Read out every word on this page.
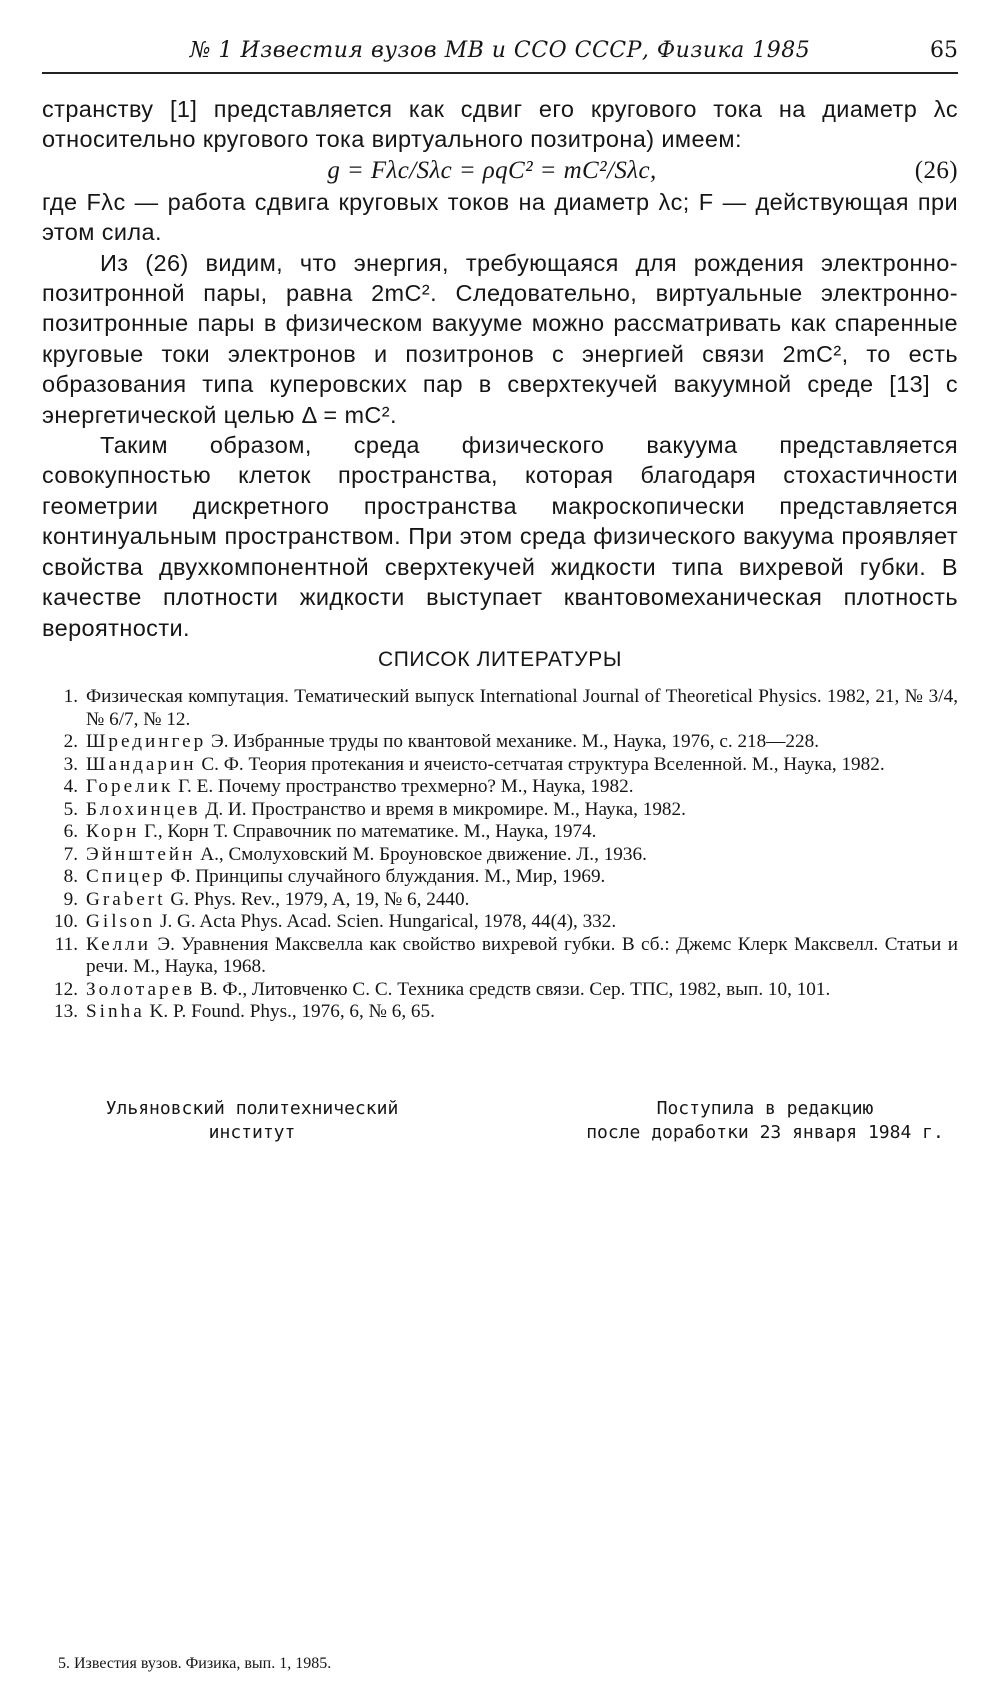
№ 1 Известия вузов МВ и ССО СССР, Физика 1985	65

странству [1] представляется как сдвиг его кругового тока на диаметр λc относительно кругового тока виртуального позитрона) имеем:

g = Fλc/Sλc = ρqC² = mC²/Sλc,	(26)

где Fλc — работа сдвига круговых токов на диаметр λc; F — действующая при этом сила.

Из (26) видим, что энергия, требующаяся для рождения электронно-позитронной пары, равна 2mC². Следовательно, виртуальные электронно-позитронные пары в физическом вакууме можно рассматривать как спаренные круговые токи электронов и позитронов с энергией связи 2mC², то есть образования типа куперовских пар в сверхтекучей вакуумной среде [13] с энергетической целью Δ = mC².

Таким образом, среда физического вакуума представляется совокупностью клеток пространства, которая благодаря стохастичности геометрии дискретного пространства макроскопически представляется континуальным пространством. При этом среда физического вакуума проявляет свойства двухкомпонентной сверхтекучей жидкости типа вихревой губки. В качестве плотности жидкости выступает квантовомеханическая плотность вероятности.

СПИСОК ЛИТЕРАТУРЫ
1. Физическая компутация. Тематический выпуск International Journal of Theoretical Physics. 1982, 21, № 3/4, № 6/7, № 12.
2. Шредингер Э. Избранные труды по квантовой механике. М., Наука, 1976, с. 218—228.
3. Шандарин С. Ф. Теория протекания и ячеисто-сетчатая структура Вселенной. М., Наука, 1982.
4. Горелик Г. Е. Почему пространство трехмерно? М., Наука, 1982.
5. Блохинцев Д. И. Пространство и время в микромире. М., Наука, 1982.
6. Корн Г., Корн Т. Справочник по математике. М., Наука, 1974.
7. Эйнштейн А., Смолуховский М. Броуновское движение. Л., 1936.
8. Спицер Ф. Принципы случайного блуждания. М., Мир, 1969.
9. Grabert G. Phys. Rev., 1979, A, 19, № 6, 2440.
10. Gilson J. G. Acta Phys. Acad. Scien. Hungarical, 1978, 44(4), 332.
11. Келли Э. Уравнения Максвелла как свойство вихревой губки. В сб.: Джемс Клерк Максвелл. Статьи и речи. М., Наука, 1968.
12. Золотарев В. Ф., Литовченко С. С. Техника средств связи. Сер. ТПС, 1982, вып. 10, 101.
13. Sinha K. P. Found. Phys., 1976, 6, № 6, 65.
Ульяновский политехнический
институт
Поступила в редакцию
после доработки 23 января 1984 г.
5. Известия вузов. Физика, вып. 1, 1985.
